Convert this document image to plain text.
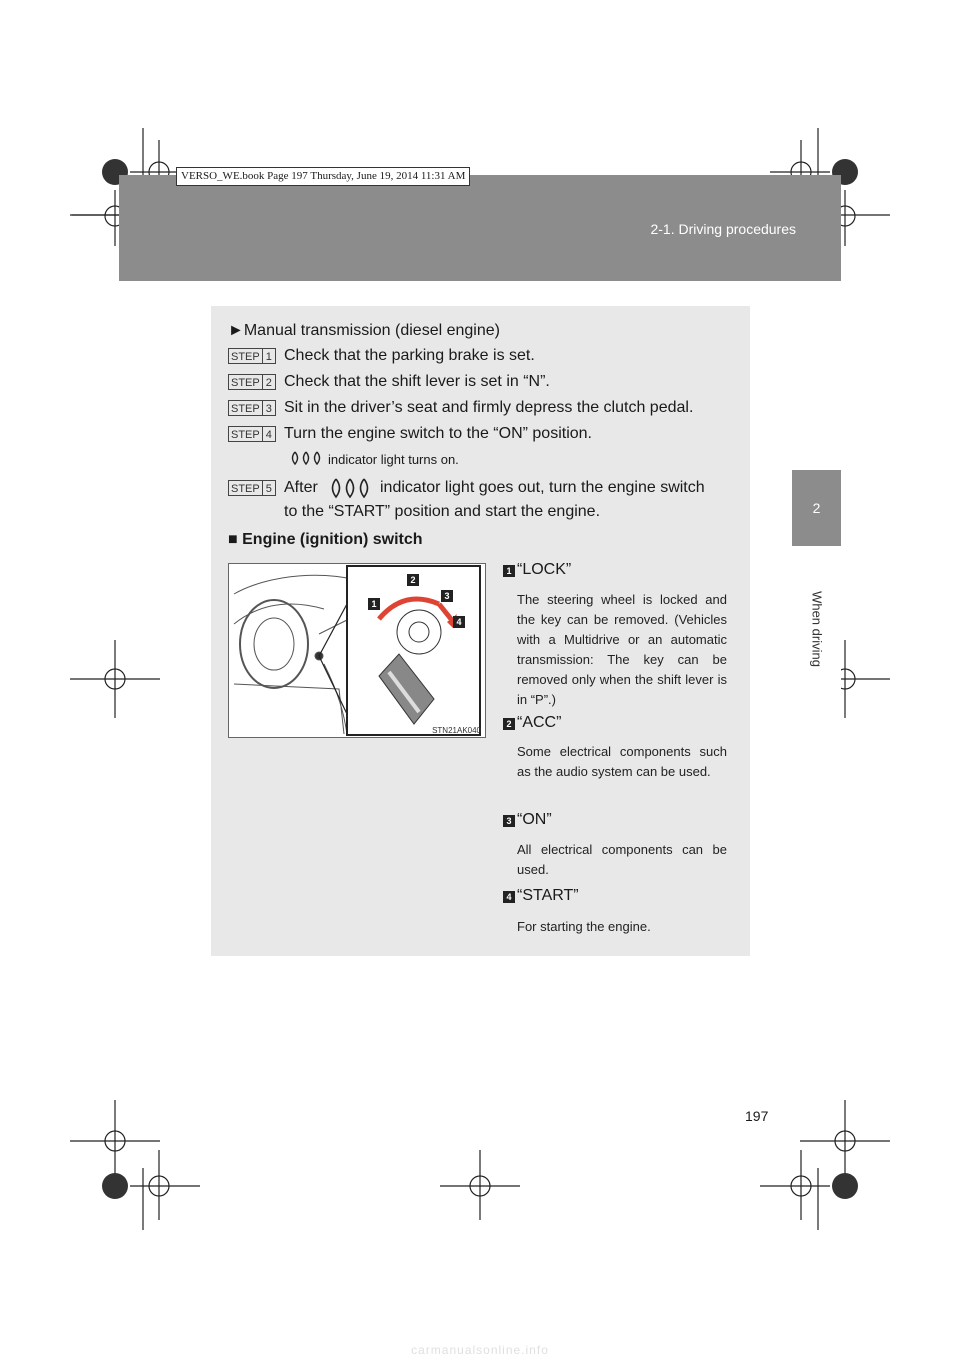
2-1. Driving procedures
VERSO_WE.book Page 197 Thursday, June 19, 2014 11:31 AM
2
When driving
►Manual transmission (diesel engine)
STEP 1 Check that the parking brake is set.
STEP 2 Check that the shift lever is set in “N”.
STEP 3 Sit in the driver’s seat and firmly depress the clutch pedal.
STEP 4 Turn the engine switch to the “ON” position.
indicator light turns on.
STEP 5 After	indicator light goes out, turn the engine switch
to the “START” position and start the engine.
■ Engine (ignition) switch
1
2
3
4
STN21AK040
1 “LOCK”
The steering wheel is locked and the key can be removed. (Vehicles with a Multidrive or an automatic transmission: The key can be removed only when the shift lever is in “P”.)
2 “ACC”
Some electrical components such as the audio system can be used.
3 “ON”
All electrical components can be used.
4 “START”
For starting the engine.
197
carmanualsonline.info
